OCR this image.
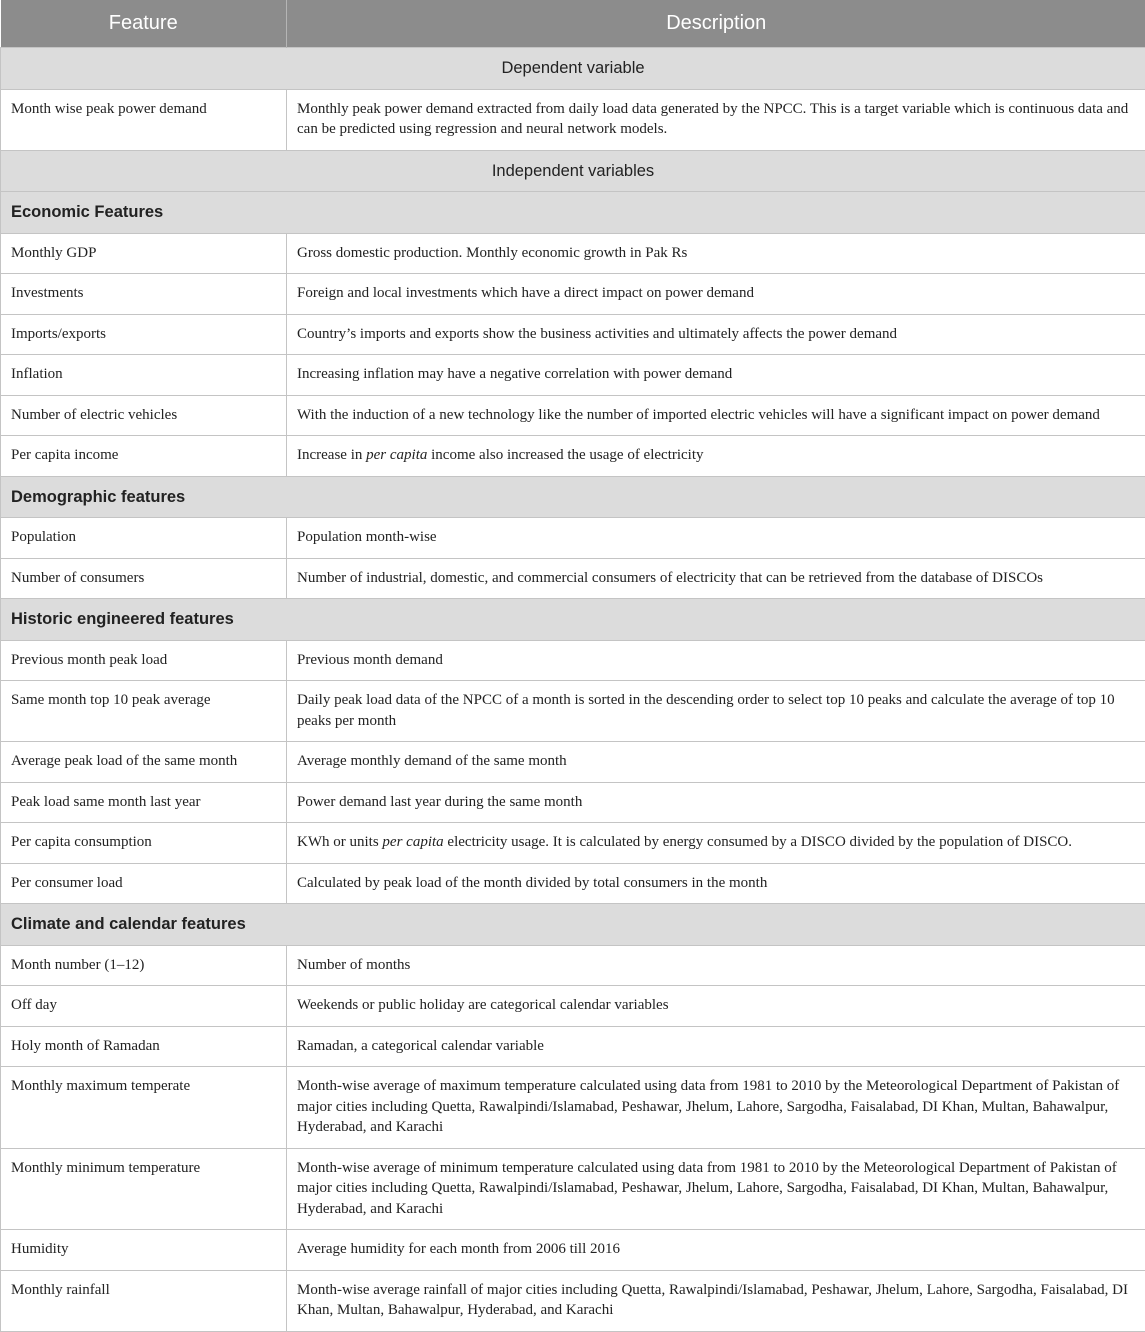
Feature	Description
Dependent variable	
Month wise peak power demand	Monthly peak power demand extracted from daily load data generated by the NPCC. This is a target variable which is continuous data and can be predicted using regression and neural network models.
Independent variables	
Economic Features	
Monthly GDP	Gross domestic production. Monthly economic growth in Pak Rs
Investments	Foreign and local investments which have a direct impact on power demand
Imports/exports	Country’s imports and exports show the business activities and ultimately affects the power demand
Inflation	Increasing inflation may have a negative correlation with power demand
Number of electric vehicles	With the induction of a new technology like the number of imported electric vehicles will have a significant impact on power demand
Per capita income	Increase in per capita income also increased the usage of electricity
Demographic features	
Population	Population month-wise
Number of consumers	Number of industrial, domestic, and commercial consumers of electricity that can be retrieved from the database of DISCOs
Historic engineered features	
Previous month peak load	Previous month demand
Same month top 10 peak average	Daily peak load data of the NPCC of a month is sorted in the descending order to select top 10 peaks and calculate the average of top 10 peaks per month
Average peak load of the same month	Average monthly demand of the same month
Peak load same month last year	Power demand last year during the same month
Per capita consumption	KWh or units per capita electricity usage. It is calculated by energy consumed by a DISCO divided by the population of DISCO.
Per consumer load	Calculated by peak load of the month divided by total consumers in the month
Climate and calendar features	
Month number (1–12)	Number of months
Off day	Weekends or public holiday are categorical calendar variables
Holy month of Ramadan	Ramadan, a categorical calendar variable
Monthly maximum temperate	Month-wise average of maximum temperature calculated using data from 1981 to 2010 by the Meteorological Department of Pakistan of major cities including Quetta, Rawalpindi/Islamabad, Peshawar, Jhelum, Lahore, Sargodha, Faisalabad, DI Khan, Multan, Bahawalpur, Hyderabad, and Karachi
Monthly minimum temperature	Month-wise average of minimum temperature calculated using data from 1981 to 2010 by the Meteorological Department of Pakistan of major cities including Quetta, Rawalpindi/Islamabad, Peshawar, Jhelum, Lahore, Sargodha, Faisalabad, DI Khan, Multan, Bahawalpur, Hyderabad, and Karachi
Humidity	Average humidity for each month from 2006 till 2016
Monthly rainfall	Month-wise average rainfall of major cities including Quetta, Rawalpindi/Islamabad, Peshawar, Jhelum, Lahore, Sargodha, Faisalabad, DI Khan, Multan, Bahawalpur, Hyderabad, and Karachi
